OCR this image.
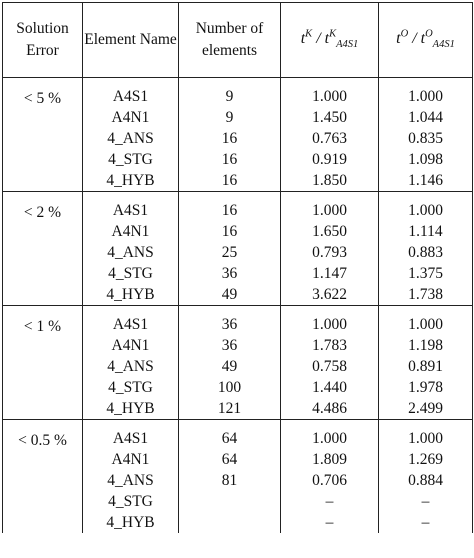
Solution Error	Element Name	Number of elements	$t^K / t^K_{A4S1}$	$t^O / t^O_{A4S1}$

< 5 %	A4S1	9	1.000	1.000
	A4N1	9	1.450	1.044
	4_ANS	16	0.763	0.835
	4_STG	16	0.919	1.098
	4_HYB	16	1.850	1.146

< 2 %	A4S1	16	1.000	1.000
	A4N1	16	1.650	1.114
	4_ANS	25	0.793	0.883
	4_STG	36	1.147	1.375
	4_HYB	49	3.622	1.738

< 1 %	A4S1	36	1.000	1.000
	A4N1	36	1.783	1.198
	4_ANS	49	0.758	0.891
	4_STG	100	1.440	1.978
	4_HYB	121	4.486	2.499

< 0.5 %	A4S1	64	1.000	1.000
	A4N1	64	1.809	1.269
	4_ANS	81	0.706	0.884
	4_STG		–	–
	4_HYB		–	–
